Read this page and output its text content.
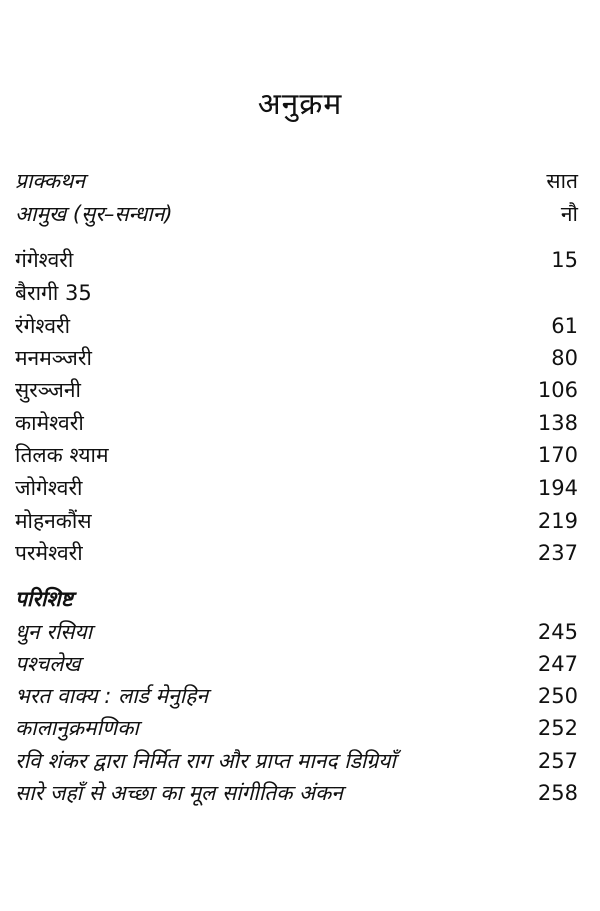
अनुक्रम
प्राक्कथन	सात
आमुख (सुर–सन्धान)	नौ
गंगेश्वरी	15
बैरागी 35
रंगेश्वरी	61
मनमञ्जरी	80
सुरञ्जनी	106
कामेश्वरी	138
तिलक श्याम	170
जोगेश्वरी	194
मोहनकौंस	219
परमेश्वरी	237
परिशिष्ट
धुन रसिया	245
पश्चलेख	247
भरत वाक्य : लार्ड मेनुहिन	250
कालानुक्रमणिका	252
रवि शंकर द्वारा निर्मित राग और प्राप्त मानद डिग्रियाँ	257
सारे जहाँ से अच्छा का मूल सांगीतिक अंकन	258
